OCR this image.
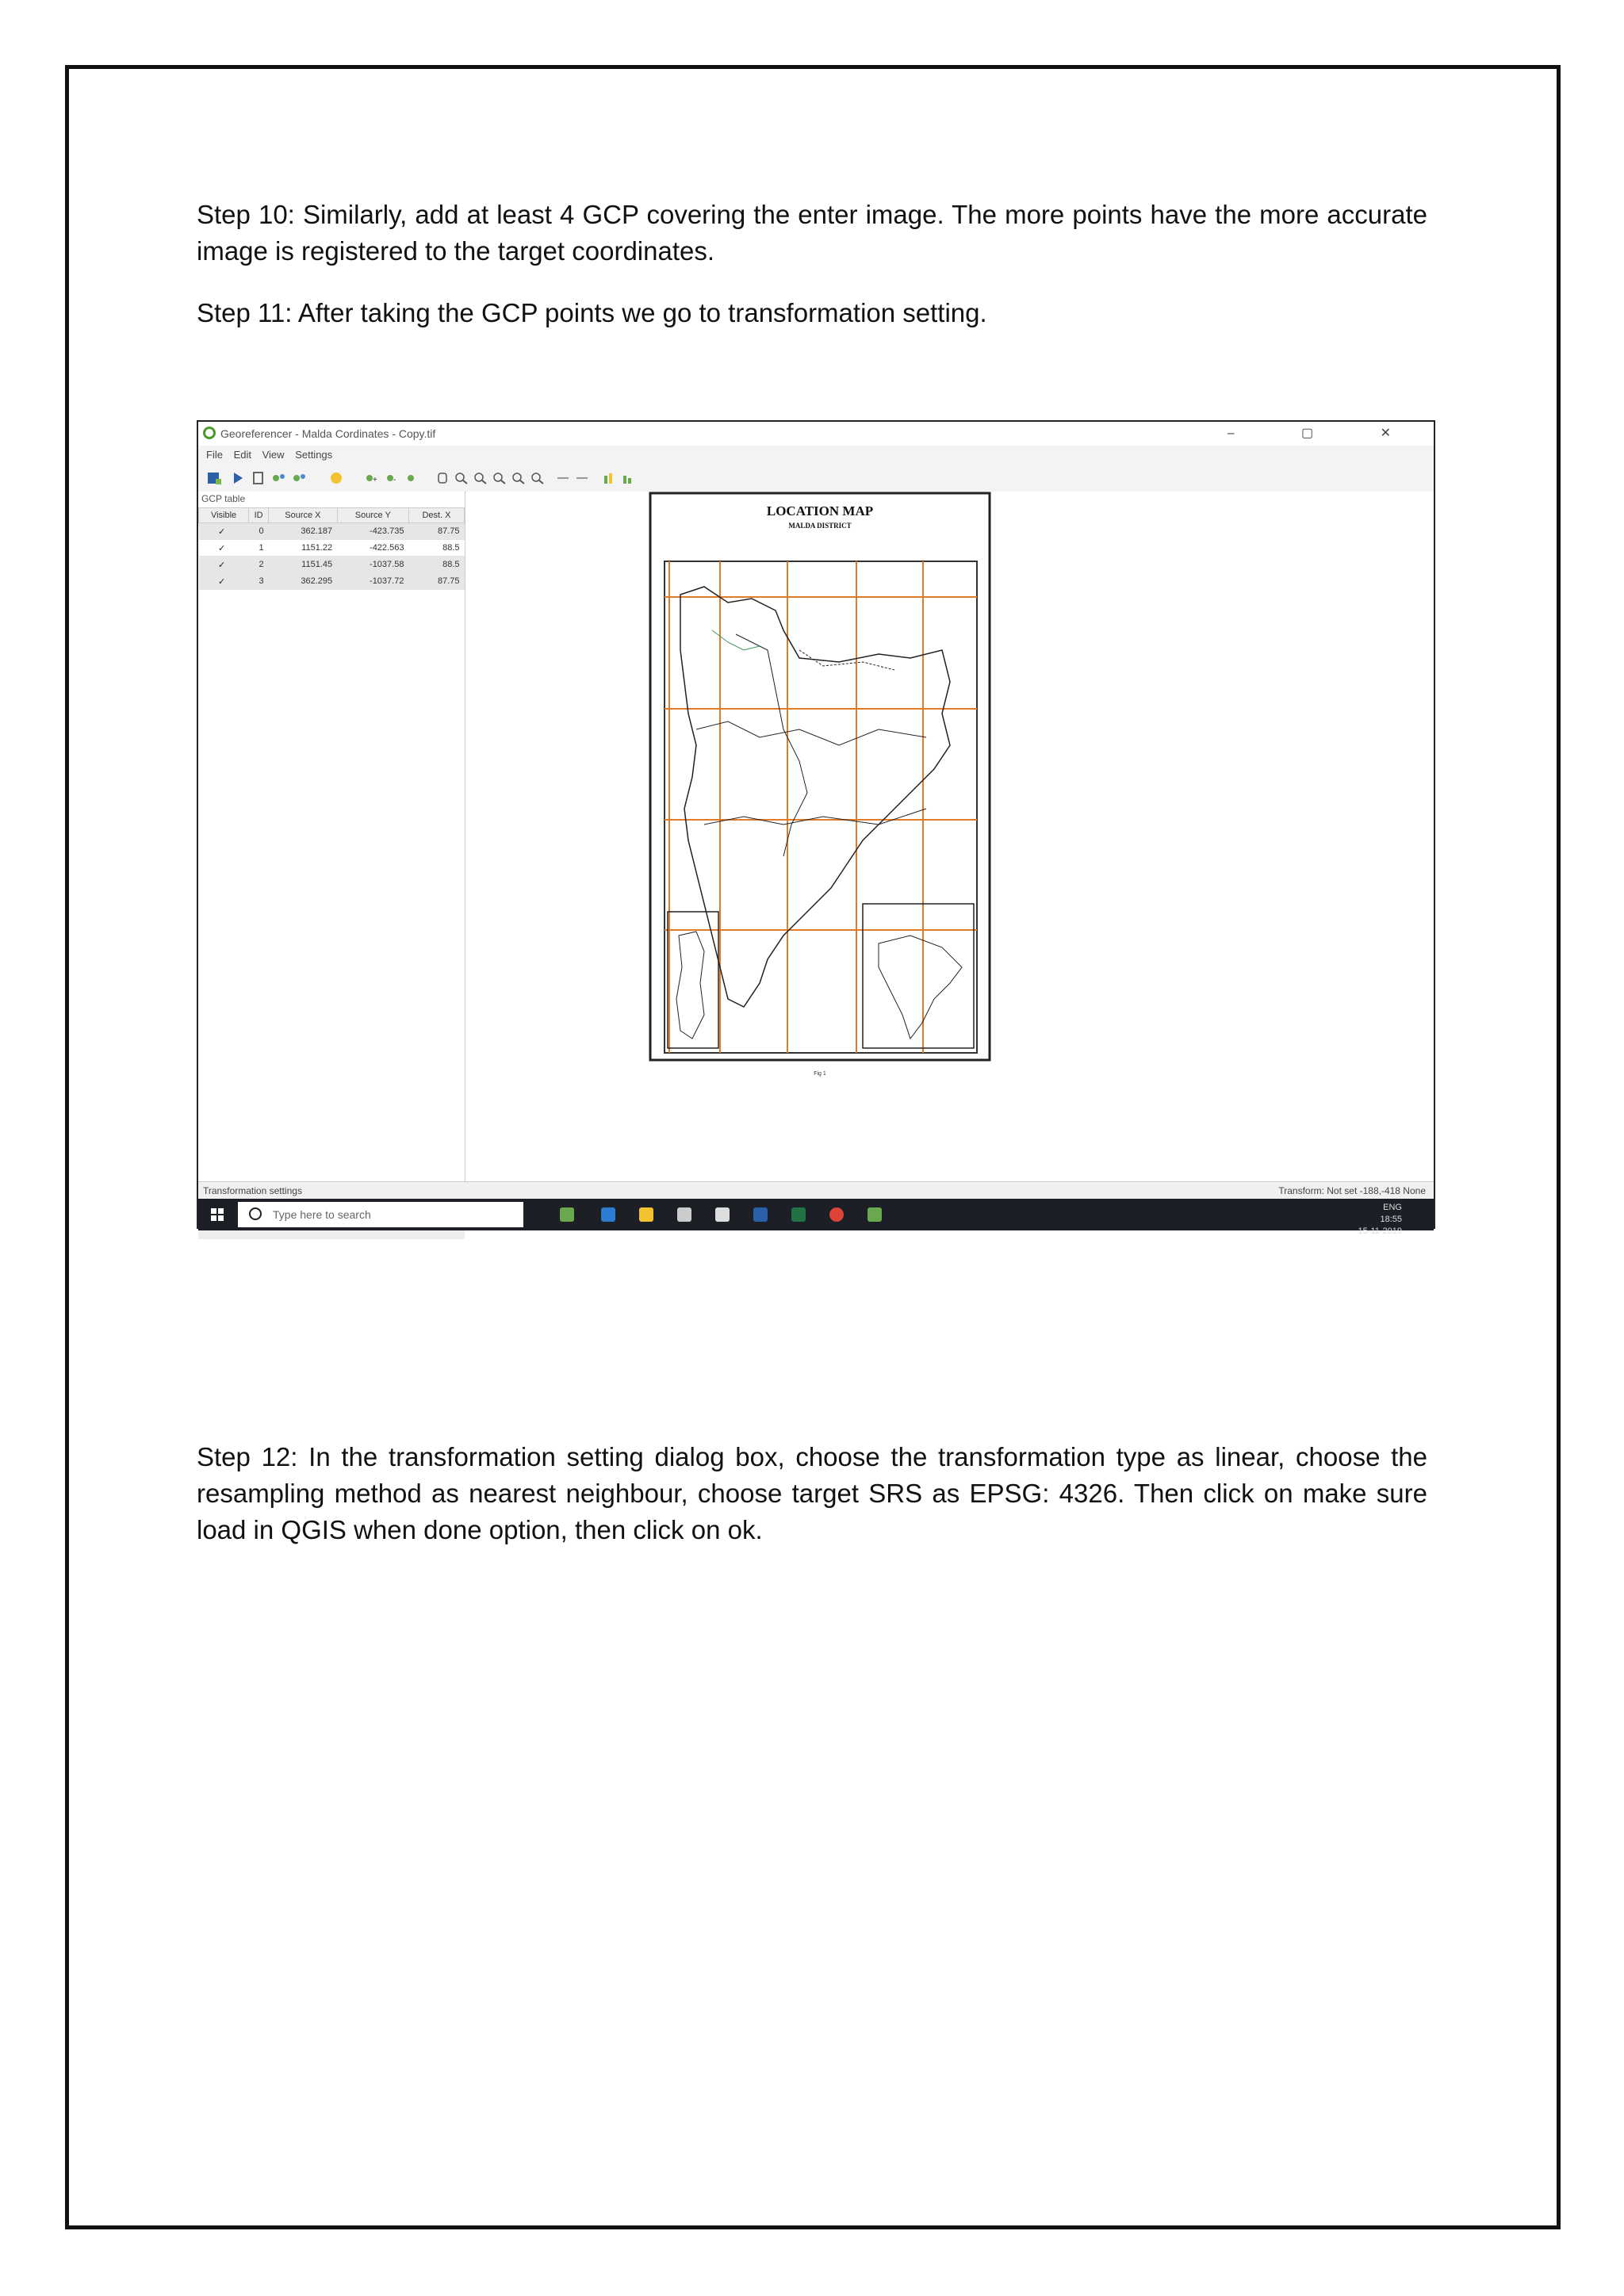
Step 10: Similarly, add at least 4 GCP covering the enter image. The more points have the more accurate image is registered to the target coordinates.

Step 11: After taking the GCP points we go to transformation setting.

Georeferencer - Malda Cordinates - Copy.tif	– ▢ ✕
File Edit View Settings
+ -
GCP table
Visible	ID	Source X	Source Y	Dest. X
✓	0	362.187	-423.735	87.75
✓	1	1151.22	-422.563	88.5
✓	2	1151.45	-1037.58	88.5
✓	3	362.295	-1037.72	87.75
LOCATION MAP
MALDA DISTRICT
Fig 1
Transformation settings	Transform: Not set -188,-418 None
Type here to search
ENG
18:55
15-11-2019

Step 12: In the transformation setting dialog box, choose the transformation type as linear, choose the resampling method as nearest neighbour, choose target SRS as EPSG: 4326. Then click on make sure load in QGIS when done option, then click on ok.
